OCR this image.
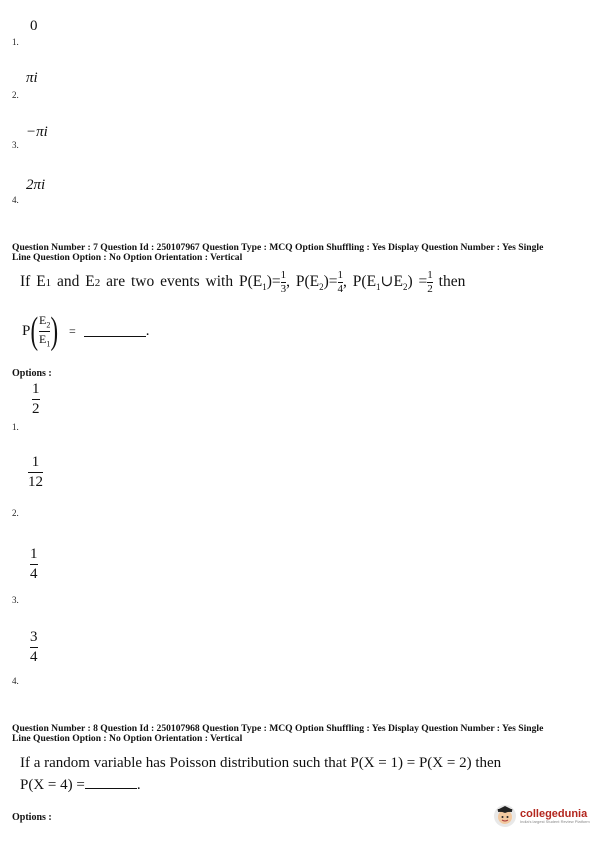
0
1.
πi
2.
−πi
3.
2πi
4.
Question Number : 7 Question Id : 250107967 Question Type : MCQ Option Shuffling : Yes Display Question Number : Yes Single
Line Question Option : No Option Orientation : Vertical
If E1 and E2 are two events with $P(E_1)= \frac{1}{3}$ , $P(E_2)= \frac{1}{4}$ , $P(E_1\cup E_2) = \frac{1}{2}$ then
P ( $\frac{E_2}{E_1}$ ) =	.
Options :
1
2
1.
1
12
2.
1
4
3.
3
4
4.
Question Number : 8 Question Id : 250107968 Question Type : MCQ Option Shuffling : Yes Display Question Number : Yes Single
Line Question Option : No Option Orientation : Vertical
If a random variable has Poisson distribution such that P(X = 1) = P(X = 2) then
P(X = 4) =	.
Options :	collegedunia
India's largest Student Review Platform
